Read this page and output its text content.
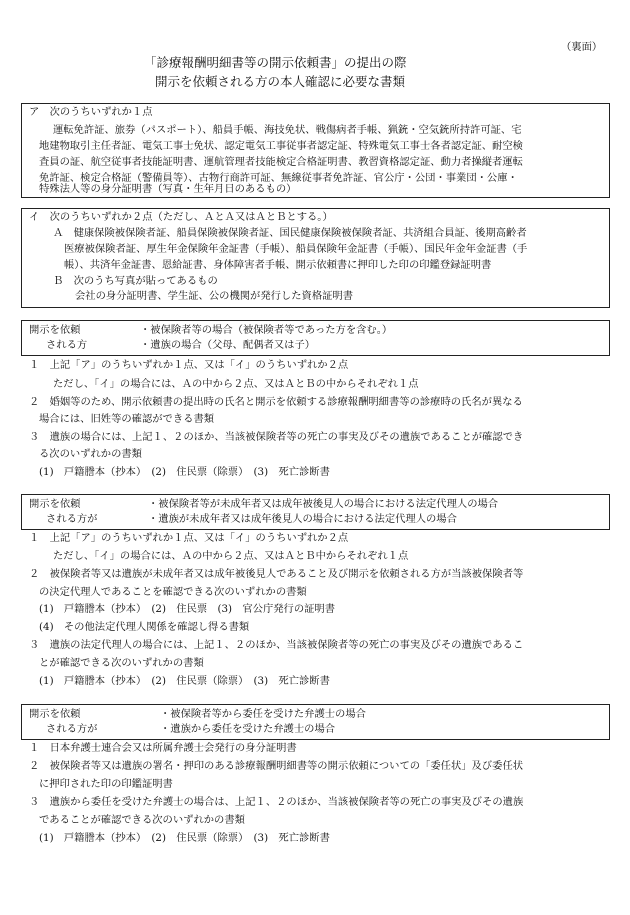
（裏面）
「診療報酬明細書等の開示依頼書」の提出の際
開示を依頼される方の本人確認に必要な書類
ア　次のうちいずれか１点
運転免許証、旅券（パスポート）、船員手帳、海技免状、戦傷病者手帳、猟銃・空気銃所持許可証、宅
地建物取引主任者証、電気工事士免状、認定電気工事従事者認定証、特殊電気工事士各者認定証、耐空検
査員の証、航空従事者技能証明書、運航管理者技能検定合格証明書、教習資格認定証、動力者操縦者運転
免許証、検定合格証（警備員等）、古物行商許可証、無線従事者免許証、官公庁・公団・事業団・公庫・
特殊法人等の身分証明書（写真・生年月日のあるもの）
イ　次のうちいずれか２点（ただし、ＡとＡ又はＡとＢとする。）
Ａ　健康保険被保険者証、船員保険被保険者証、国民健康保険被保険者証、共済組合員証、後期高齢者
医療被保険者証、厚生年金保険年金証書（手帳）、船員保険年金証書（手帳）、国民年金年金証書（手
帳）、共済年金証書、恩給証書、身体障害者手帳、開示依頼書に押印した印の印鑑登録証明書
Ｂ　次のうち写真が貼ってあるもの
会社の身分証明書、学生証、公の機関が発行した資格証明書
開示を依頼
される方
・被保険者等の場合（被保険者等であった方を含む。）
・遺族の場合（父母、配偶者又は子）
１　上記「ア」のうちいずれか１点、又は「イ」のうちいずれか２点
ただし、「イ」の場合には、Ａの中から２点、又はＡとＢの中からそれぞれ１点
２　婚姻等のため、開示依頼書の提出時の氏名と開示を依頼する診療報酬明細書等の診療時の氏名が異なる
場合には、旧姓等の確認ができる書類
３　遺族の場合には、上記１、２のほか、当該被保険者等の死亡の事実及びその遺族であることが確認でき
る次のいずれかの書類
(1)　戸籍謄本（抄本）　(2)　住民票（除票）　(3)　死亡診断書
開示を依頼
される方が
・被保険者等が未成年者又は成年被後見人の場合における法定代理人の場合
・遺族が未成年者又は成年後見人の場合における法定代理人の場合
１　上記「ア」のうちいずれか１点、又は「イ」のうちいずれか２点
ただし、「イ」の場合には、Ａの中から２点、又はＡとＢ中からそれぞれ１点
２　被保険者等又は遺族が未成年者又は成年被後見人であること及び開示を依頼される方が当該被保険者等
の決定代理人であることを確認できる次のいずれかの書類
(1)　戸籍謄本（抄本）　(2)　住民票　(3)　官公庁発行の証明書
(4)　その他法定代理人関係を確認し得る書類
３　遺族の法定代理人の場合には、上記１、２のほか、当該被保険者等の死亡の事実及びその遺族であるこ
とが確認できる次のいずれかの書類
(1)　戸籍謄本（抄本）　(2)　住民票（除票）　(3)　死亡診断書
開示を依頼
される方が
・被保険者等から委任を受けた弁護士の場合
・遺族から委任を受けた弁護士の場合
１　日本弁護士連合会又は所属弁護士会発行の身分証明書
２　被保険者等又は遺族の署名・押印のある診療報酬明細書等の開示依頼についての「委任状」及び委任状
に押印された印の印鑑証明書
３　遺族から委任を受けた弁護士の場合は、上記１、２のほか、当該被保険者等の死亡の事実及びその遺族
であることが確認できる次のいずれかの書類
(1)　戸籍謄本（抄本）　(2)　住民票（除票）　(3)　死亡診断書
